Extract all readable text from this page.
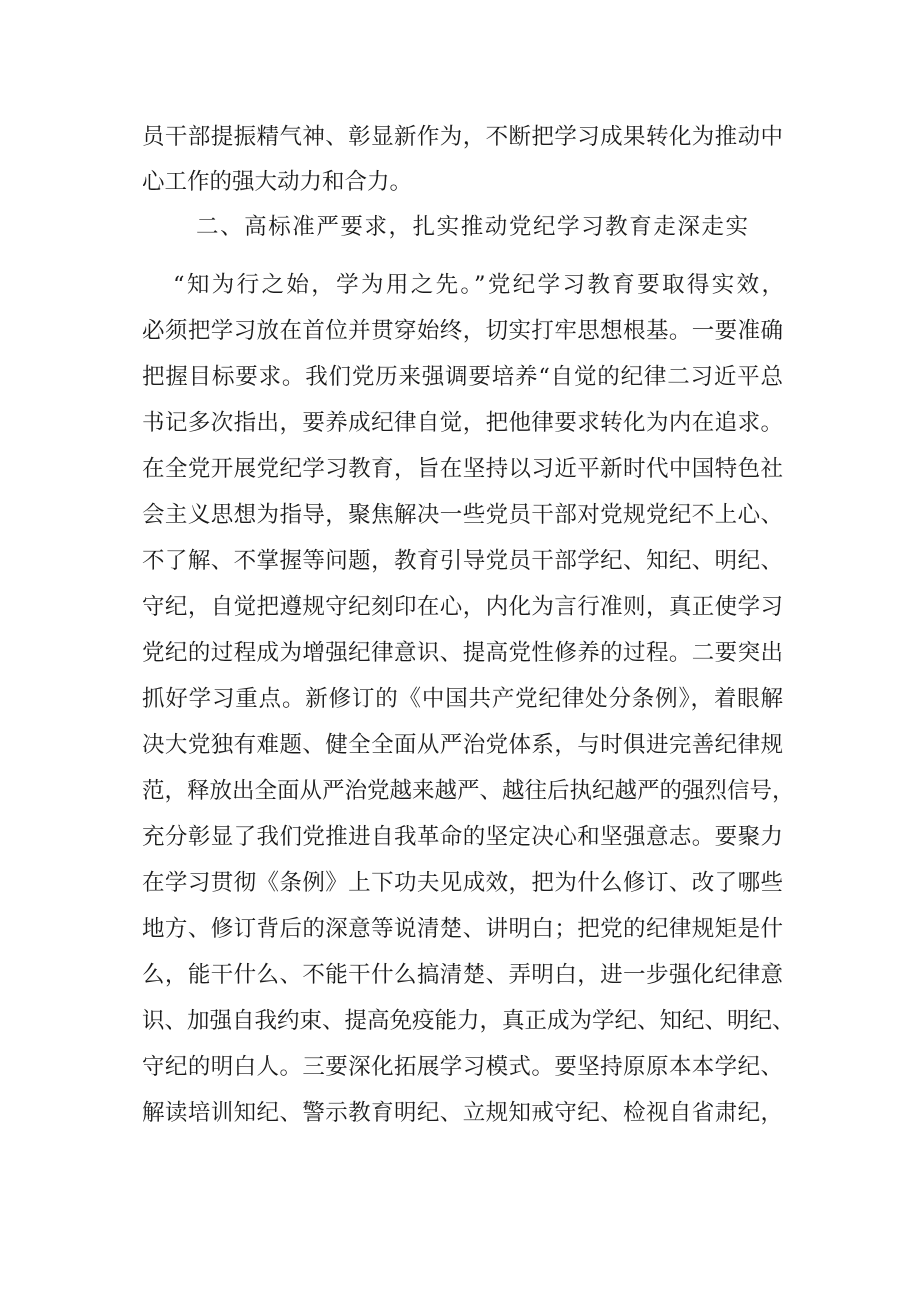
员干部提振精气神、彰显新作为，不断把学习成果转化为推动中
心工作的强大动力和合力。
二、高标准严要求，扎实推动党纪学习教育走深走实
“知为行之始，学为用之先。”党纪学习教育要取得实效，
必须把学习放在首位并贯穿始终，切实打牢思想根基。一要准确
把握目标要求。我们党历来强调要培养“自觉的纪律二习近平总
书记多次指出，要养成纪律自觉，把他律要求转化为内在追求。
在全党开展党纪学习教育，旨在坚持以习近平新时代中国特色社
会主义思想为指导，聚焦解决一些党员干部对党规党纪不上心、
不了解、不掌握等问题，教育引导党员干部学纪、知纪、明纪、
守纪，自觉把遵规守纪刻印在心，内化为言行准则，真正使学习
党纪的过程成为增强纪律意识、提高党性修养的过程。二要突出
抓好学习重点。新修订的《中国共产党纪律处分条例》，着眼解
决大党独有难题、健全全面从严治党体系，与时俱进完善纪律规
范，释放出全面从严治党越来越严、越往后执纪越严的强烈信号，
充分彰显了我们党推进自我革命的坚定决心和坚强意志。要聚力
在学习贯彻《条例》上下功夫见成效，把为什么修订、改了哪些
地方、修订背后的深意等说清楚、讲明白；把党的纪律规矩是什
么，能干什么、不能干什么搞清楚、弄明白，进一步强化纪律意
识、加强自我约束、提高免疫能力，真正成为学纪、知纪、明纪、
守纪的明白人。三要深化拓展学习模式。要坚持原原本本学纪、
解读培训知纪、警示教育明纪、立规知戒守纪、检视自省肃纪，
